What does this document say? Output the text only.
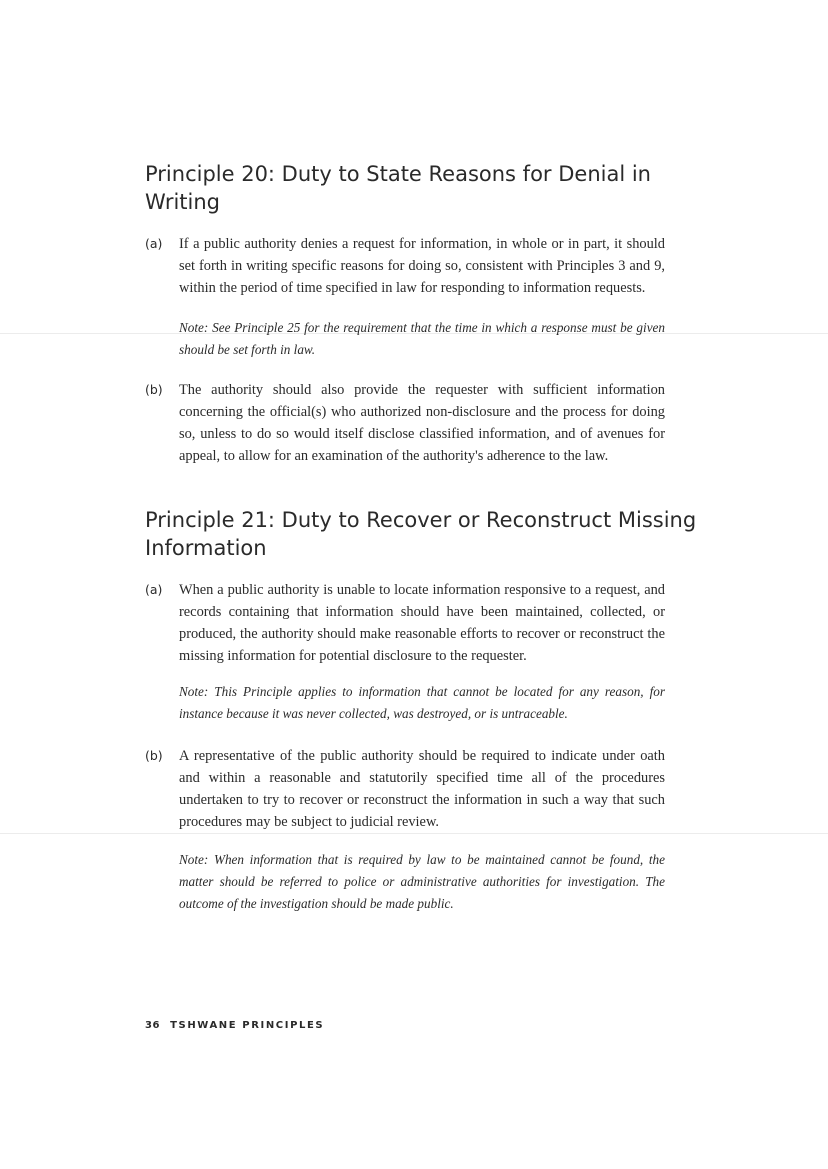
Principle 20: Duty to State Reasons for Denial in Writing
(a) If a public authority denies a request for information, in whole or in part, it should set forth in writing specific reasons for doing so, consistent with Principles 3 and 9, within the period of time specified in law for responding to information requests.
Note: See Principle 25 for the requirement that the time in which a response must be given should be set forth in law.
(b) The authority should also provide the requester with sufficient information concerning the official(s) who authorized non-disclosure and the process for doing so, unless to do so would itself disclose classified information, and of avenues for appeal, to allow for an examination of the authority's adherence to the law.
Principle 21: Duty to Recover or Reconstruct Missing Information
(a) When a public authority is unable to locate information responsive to a request, and records containing that information should have been maintained, collected, or produced, the authority should make reasonable efforts to recover or reconstruct the missing information for potential disclosure to the requester.
Note: This Principle applies to information that cannot be located for any reason, for instance because it was never collected, was destroyed, or is untraceable.
(b) A representative of the public authority should be required to indicate under oath and within a reasonable and statutorily specified time all of the procedures undertaken to try to recover or reconstruct the information in such a way that such procedures may be subject to judicial review.
Note: When information that is required by law to be maintained cannot be found, the matter should be referred to police or administrative authorities for investigation. The outcome of the investigation should be made public.
36 TSHWANE PRINCIPLES
